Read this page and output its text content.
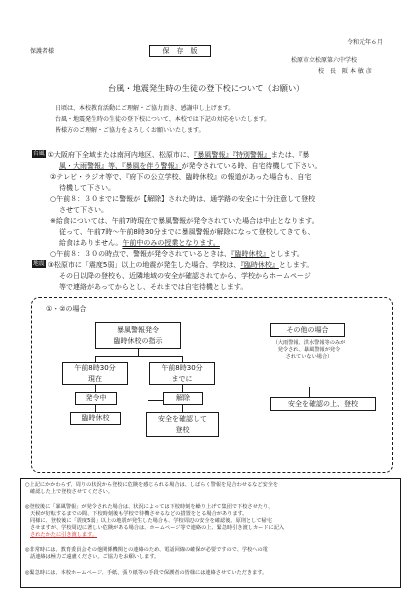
令和元年６月
保護者様	保　存　版
松原市立松原第六中学校
校　長　阪 本 敏 彦
台風・地震発生時の生徒の登下校について（お願い）
日頃は、本校教育活動にご理解・ご協力頂き、感謝申し上げます。
台風・地震発生時の生徒の登下校について、本校では下記の対応をいたします。
皆様方のご理解・ご協力をよろしくお願いいたします。
台風 ①大阪府下全域または南河内地区、松原市に、『暴風警報』『特別警報』または、『暴
風・大雨警報』等、『暴風を伴う警報』が発令されている時、自宅待機して下さい。
②テレビ・ラジオ等で、『府下の公立学校、臨時休校』の報道があった場合も、自宅
待機して下さい。
○午前８：３０までに警報が【解除】された時は、通学路の安全に十分注意して登校
させて下さい。
※給食については、午前7時現在で暴風警報が発令されていた場合は中止となります。
従って、午前7時〜午前8時30分までに暴風警報が解除になって登校してきても、
給食はありません。午前中のみの授業となります。
○午前８：３０の時点で、警報が発令されているときは、『臨時休校』とします。
地震 ③松原市に「震度5弱」以上の地震が発生した場合、学校は、『臨時休校』とします。
その日以降の登校も、近隣地域の安全が確認されてから、学校からホームページ
等で連絡があってからとし、それまでは自宅待機とします。
①・②の場合
暴風警報発令
臨時休校の指示
その他の場合
（大雨警報、洪水警報等のみが
発令され、暴風警報が発令
されていない場合）
午前8時30分
現在
午前8時30分
までに
発令中	解除
臨時休校	安全を確認して
登校
安全を確認の上、登校
○上記にかかわらず、周りの状況から登校に危険を感じられる場合は、しばらく警報を見合わせるなど安全を
確認した上で登校させてください。
◎登校後に「暴風警報」が発令された場合は、状況によっては下校時刻を繰り上げて集団で下校させたり、
天候が好転するまでの間、下校時刻後も学校で待機させるなどの措置をとる場合があります。
同様に、登校後に「震度5弱」以上の地震が発生した場合も、学校周辺の安全を確認後、原則として帰宅
させますが、学校周辺に著しい危険がある場合は、ホームページ等で連絡の上、緊急時引き渡しカードに記入
されたかたに引き渡します。
◎非常時には、教育委員会その他関係機関との連絡のため、電話回線の確保が必要ですので、学校への電
話連絡は極力ご遠慮ください。ご協力をお願いします。
◎緊急時には、本校ホームページ、手紙、張り紙等の手段で保護者の皆様には連絡させていただきます。
